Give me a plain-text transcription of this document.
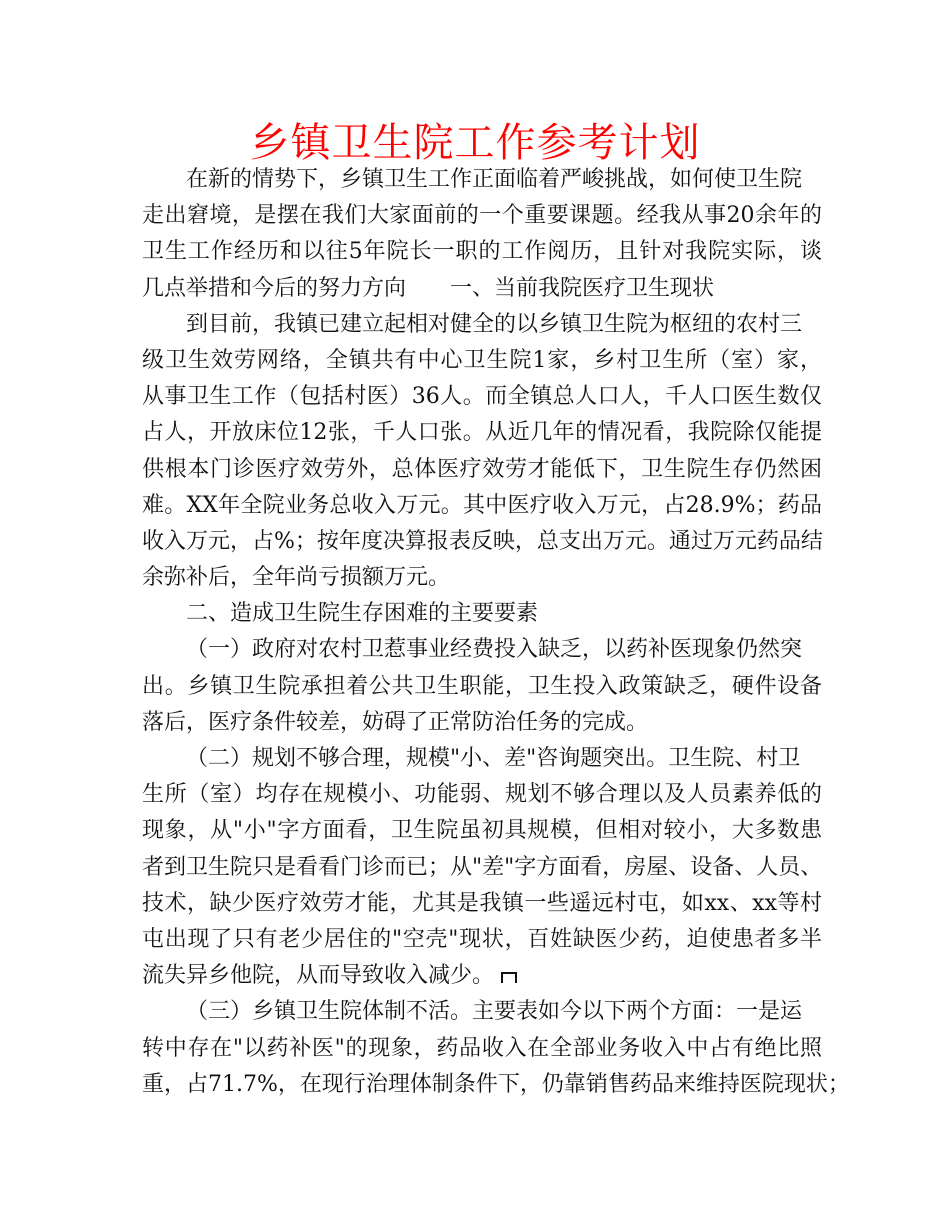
乡镇卫生院工作参考计划
在新的情势下，乡镇卫生工作正面临着严峻挑战，如何使卫生院
走出窘境，是摆在我们大家面前的一个重要课题。经我从事20余年的
卫生工作经历和以往5年院长一职的工作阅历，且针对我院实际，谈
几点举措和今后的努力方向　　一、当前我院医疗卫生现状
到目前，我镇已建立起相对健全的以乡镇卫生院为枢纽的农村三
级卫生效劳网络，全镇共有中心卫生院1家，乡村卫生所（室）家，
从事卫生工作（包括村医）36人。而全镇总人口人，千人口医生数仅
占人，开放床位12张，千人口张。从近几年的情况看，我院除仅能提
供根本门诊医疗效劳外，总体医疗效劳才能低下，卫生院生存仍然困
难。XX年全院业务总收入万元。其中医疗收入万元，占28.9%；药品
收入万元，占%；按年度决算报表反映，总支出万元。通过万元药品结
余弥补后，全年尚亏损额万元。
二、造成卫生院生存困难的主要要素
（一）政府对农村卫惹事业经费投入缺乏，以药补医现象仍然突
出。乡镇卫生院承担着公共卫生职能，卫生投入政策缺乏，硬件设备
落后，医疗条件较差，妨碍了正常防治任务的完成。
（二）规划不够合理，规模"小、差"咨询题突出。卫生院、村卫
生所（室）均存在规模小、功能弱、规划不够合理以及人员素养低的
现象，从"小"字方面看，卫生院虽初具规模，但相对较小，大多数患
者到卫生院只是看看门诊而已；从"差"字方面看，房屋、设备、人员、
技术，缺少医疗效劳才能，尤其是我镇一些遥远村屯，如xx、xx等村
屯出现了只有老少居住的"空壳"现状，百姓缺医少药，迫使患者多半
流失异乡他院，从而导致收入减少。
（三）乡镇卫生院体制不活。主要表如今以下两个方面：一是运
转中存在"以药补医"的现象，药品收入在全部业务收入中占有绝比照
重，占71.7%，在现行治理体制条件下，仍靠销售药品来维持医院现状；
